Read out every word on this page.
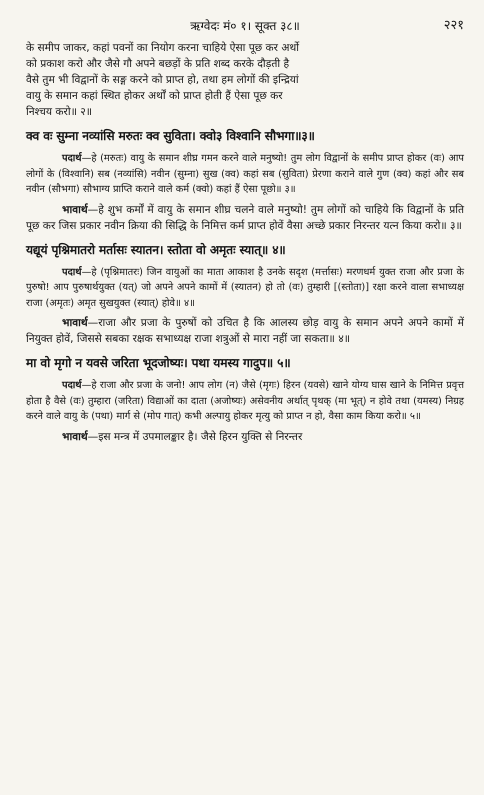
ऋग्वेदः मं० १। सूक्त ३८॥	२२१

के समीप जाकर, कहां पवनों का नियोग करना चाहिये ऐसा पूछ कर अर्थो

को प्रकाश करो और जैसे गौ अपने बछड़ों के प्रति शब्द करके दौड़ती है

वैसे तुम भी विद्वानों के सङ्ग करने को प्राप्त हो, तथा हम लोगों की इन्द्रियां

वायु के समान कहां स्थित होकर अर्थों को प्राप्त होती हैं ऐसा पूछ कर

निश्चय करो॥ २॥

क्व वः सुम्ना नव्यांसि मरुतः क्व सुविता। क्वो३ विश्वानि सौभगा॥३॥

पदार्थ—हे (मरुतः) वायु के समान शीघ्र गमन करने वाले मनुष्यो! तुम लोग विद्वानों के समीप प्राप्त होकर (वः) आप लोगों के (विश्वानि) सब (नव्यांसि) नवीन (सुम्ना) सुख (क्व) कहां सब (सुविता) प्रेरणा कराने वाले गुण (क्व) कहां और सब नवीन (सौभगा) सौभाग्य प्राप्ति कराने वाले कर्म (क्वो) कहां हैं ऐसा पूछो॥ ३॥

भावार्थ—हे शुभ कर्मों में वायु के समान शीघ्र चलने वाले मनुष्यो! तुम लोगों को चाहिये कि विद्वानों के प्रति पूछ कर जिस प्रकार नवीन क्रिया की सिद्धि के निमित्त कर्म प्राप्त होवें वैसा अच्छे प्रकार निरन्तर यत्न किया करो॥ ३॥

यद्यूयं पृश्निमातरो मर्तासः स्यातन। स्तोता वो अमृतः स्यात्॥ ४॥

पदार्थ—हे (पृश्निमातरः) जिन वायुओं का माता आकाश है उनके सदृश (मर्त्तासः) मरणधर्म युक्त राजा और प्रजा के पुरुषो! आप पुरुषार्थयुक्त (यत्) जो अपने अपने कामों में (स्यातन) हो तो (वः) तुम्हारी [(स्तोता)] रक्षा करने वाला सभाध्यक्ष राजा (अमृतः) अमृत सुखयुक्त (स्यात्) होवे॥ ४॥

भावार्थ—राजा और प्रजा के पुरुषों को उचित है कि आलस्य छोड़ वायु के समान अपने अपने कामों में नियुक्त होवें, जिससे सबका रक्षक सभाध्यक्ष राजा शत्रुओं से मारा नहीं जा सकता॥ ४॥

मा वो मृगो न यवसे जरिता भूदजोष्यः। पथा यमस्य गादुप॥ ५॥

पदार्थ—हे राजा और प्रजा के जनो! आप लोग (न) जैसे (मृगः) हिरन (यवसे) खाने योग्य घास खाने के निमित्त प्रवृत्त होता है वैसे (वः) तुम्हारा (जरिता) विद्याओं का दाता (अजोष्यः) असेवनीय अर्थात् पृथक् (मा भूत्) न होवे तथा (यमस्य) निग्रह करने वाले वायु के (पथा) मार्ग से (मोप गात्) कभी अल्पायु होकर मृत्यु को प्राप्त न हो, वैसा काम किया करो॥ ५॥

भावार्थ—इस मन्त्र में उपमालङ्कार है। जैसे हिरन युक्ति से निरन्तर
